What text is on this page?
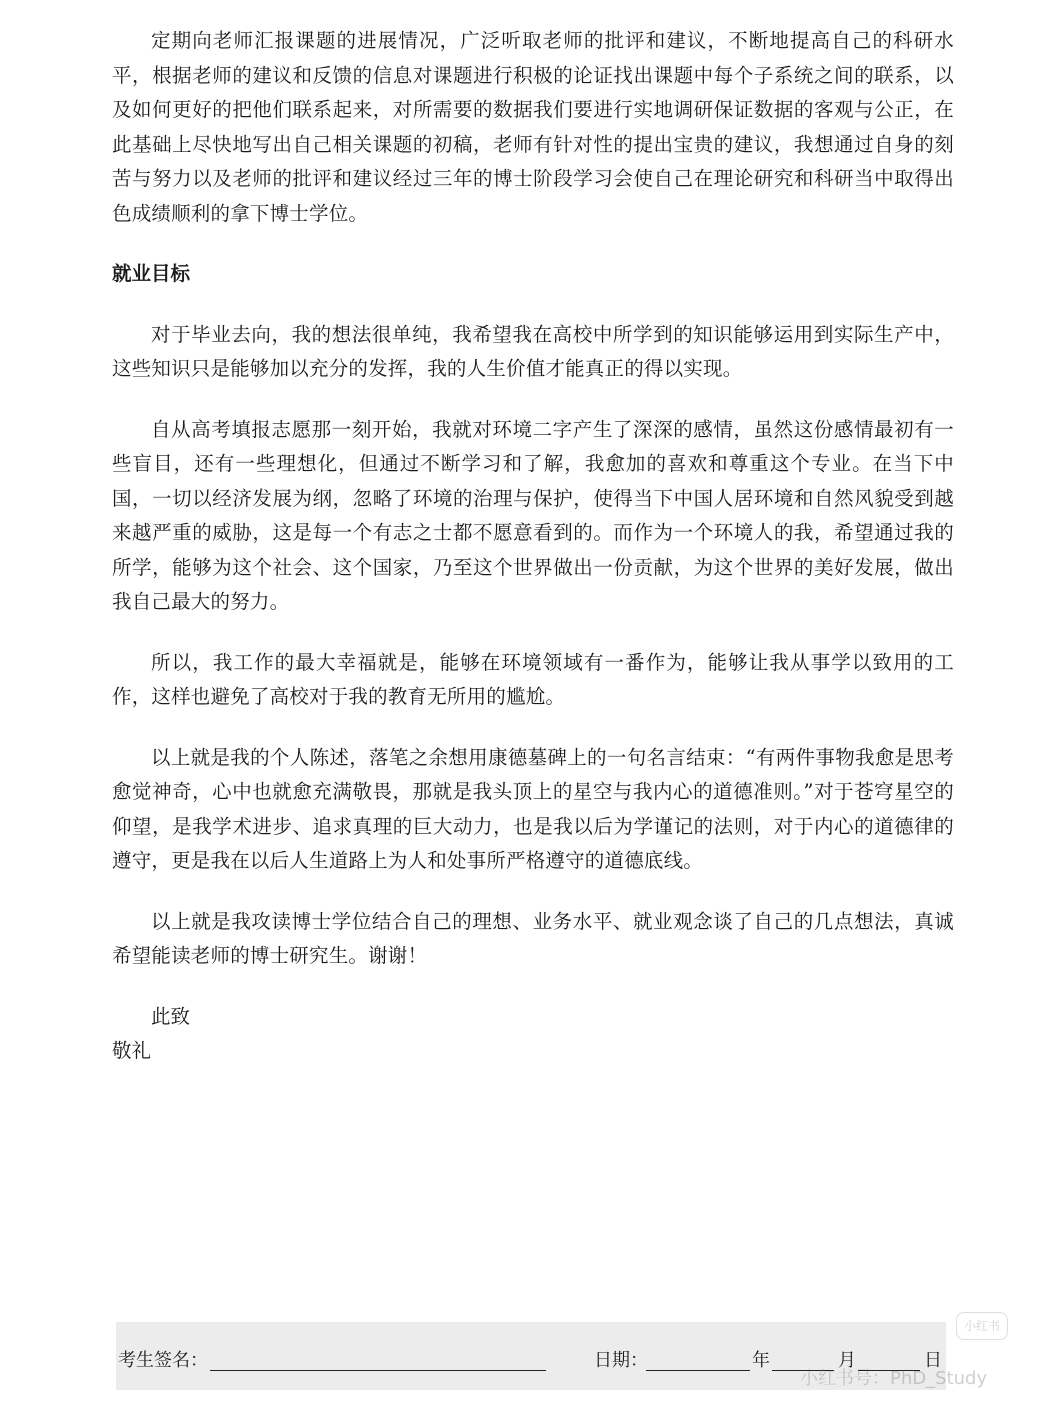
定期向老师汇报课题的进展情况，广泛听取老师的批评和建议，不断地提高自己的科研水平，根据老师的建议和反馈的信息对课题进行积极的论证找出课题中每个子系统之间的联系，以及如何更好的把他们联系起来，对所需要的数据我们要进行实地调研保证数据的客观与公正，在此基础上尽快地写出自己相关课题的初稿，老师有针对性的提出宝贵的建议，我想通过自身的刻苦与努力以及老师的批评和建议经过三年的博士阶段学习会使自己在理论研究和科研当中取得出色成绩顺利的拿下博士学位。

就业目标

对于毕业去向，我的想法很单纯，我希望我在高校中所学到的知识能够运用到实际生产中，这些知识只是能够加以充分的发挥，我的人生价值才能真正的得以实现。

自从高考填报志愿那一刻开始，我就对环境二字产生了深深的感情，虽然这份感情最初有一些盲目，还有一些理想化，但通过不断学习和了解，我愈加的喜欢和尊重这个专业。在当下中国，一切以经济发展为纲，忽略了环境的治理与保护，使得当下中国人居环境和自然风貌受到越来越严重的威胁，这是每一个有志之士都不愿意看到的。而作为一个环境人的我，希望通过我的所学，能够为这个社会、这个国家，乃至这个世界做出一份贡献，为这个世界的美好发展，做出我自己最大的努力。

所以，我工作的最大幸福就是，能够在环境领域有一番作为，能够让我从事学以致用的工作，这样也避免了高校对于我的教育无所用的尴尬。

以上就是我的个人陈述，落笔之余想用康德墓碑上的一句名言结束：“有两件事物我愈是思考愈觉神奇，心中也就愈充满敬畏，那就是我头顶上的星空与我内心的道德准则。”对于苍穹星空的仰望，是我学术进步、追求真理的巨大动力，也是我以后为学谨记的法则，对于内心的道德律的遵守，更是我在以后人生道路上为人和处事所严格遵守的道德底线。

以上就是我攻读博士学位结合自己的理想、业务水平、就业观念谈了自己的几点想法，真诚希望能读老师的博士研究生。谢谢！

此致

敬礼

考生签名：	日期：	年	月	日
小红书
小红书号：PhD_Study
